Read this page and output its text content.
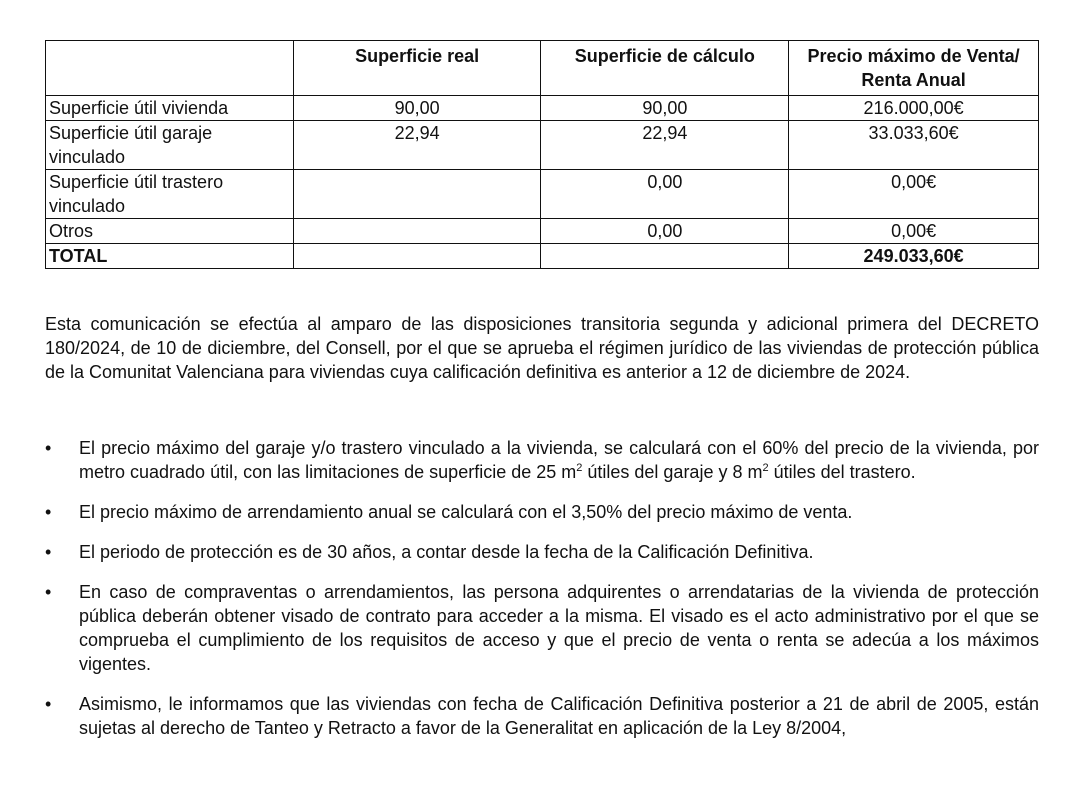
	Superficie real	Superficie de cálculo	Precio máximo de Venta/ Renta Anual
Superficie útil vivienda	90,00	90,00	216.000,00€
Superficie útil garaje vinculado	22,94	22,94	33.033,60€
Superficie útil trastero vinculado		0,00	0,00€
Otros		0,00	0,00€
TOTAL			249.033,60€

Esta comunicación se efectúa al amparo de las disposiciones transitoria segunda y adicional primera del DECRETO 180/2024, de 10 de diciembre, del Consell, por el que se aprueba el régimen jurídico de las viviendas de protección pública de la Comunitat Valenciana para viviendas cuya calificación definitiva es anterior a 12 de diciembre de 2024.

•	El precio máximo del garaje y/o trastero vinculado a la vivienda, se calculará con el 60% del precio de la vivienda, por metro cuadrado útil, con las limitaciones de superficie de 25 $m^2$ útiles del garaje y 8 $m^2$ útiles del trastero.
•	El precio máximo de arrendamiento anual se calculará con el 3,50% del precio máximo de venta.
•	El periodo de protección es de 30 años, a contar desde la fecha de la Calificación Definitiva.
•	En caso de compraventas o arrendamientos, las persona adquirentes o arrendatarias de la vivienda de protección pública deberán obtener visado de contrato para acceder a la misma. El visado es el acto administrativo por el que se comprueba el cumplimiento de los requisitos de acceso y que el precio de venta o renta se adecúa a los máximos vigentes.
•	Asimismo, le informamos que las viviendas con fecha de Calificación Definitiva posterior a 21 de abril de 2005, están sujetas al derecho de Tanteo y Retracto a favor de la Generalitat en aplicación de la Ley 8/2004,
